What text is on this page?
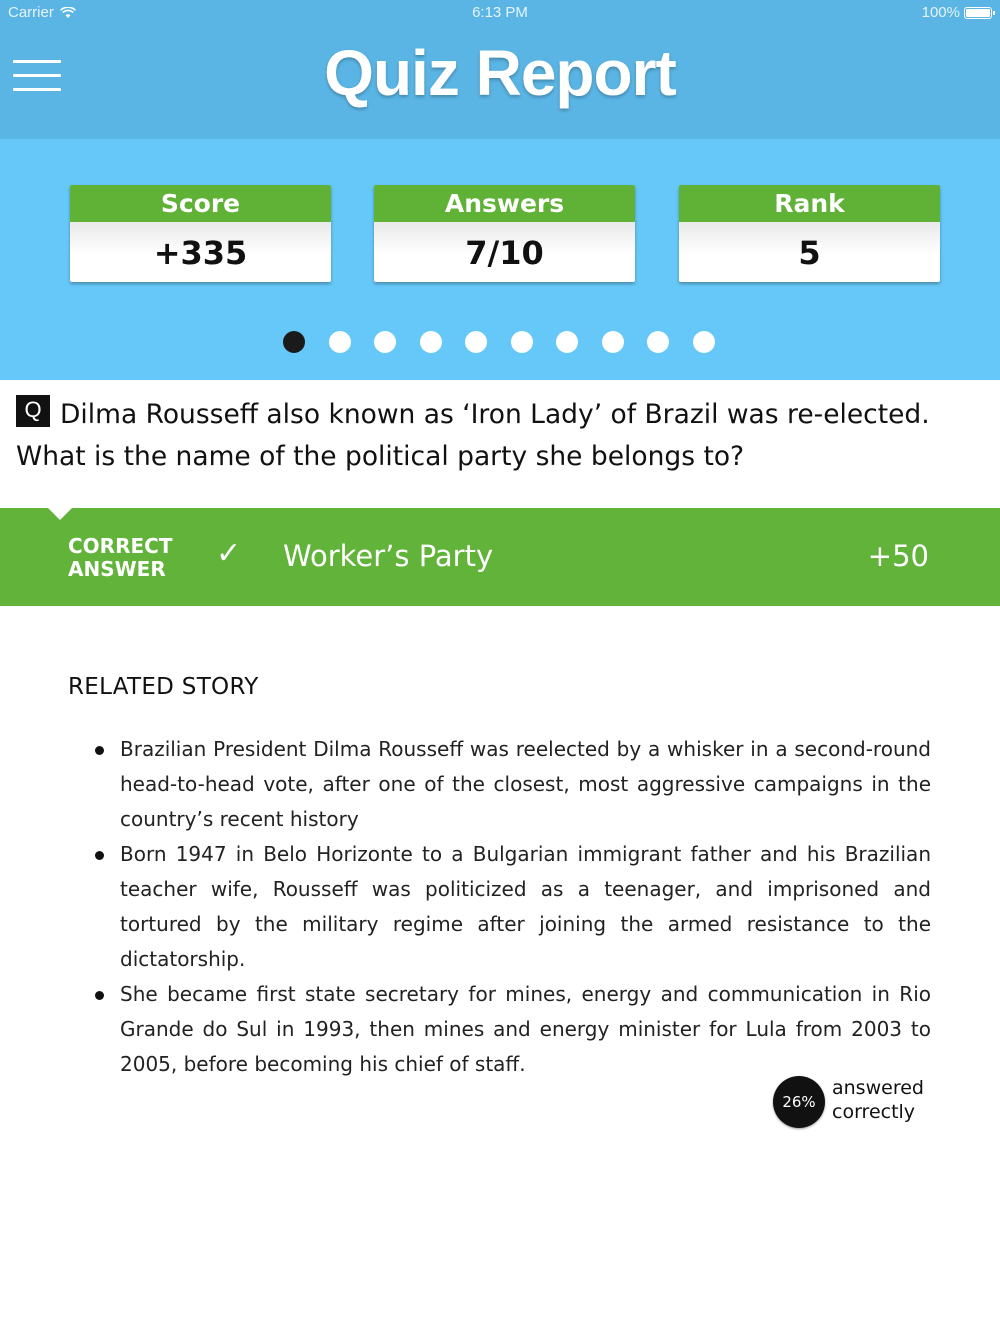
Carrier	6:13 PM	100%
Quiz Report
Score
+335
Answers
7/10
Rank
5
Q Dilma Rousseff also known as ‘Iron Lady’ of Brazil was re-elected. What is the name of the political party she belongs to?
CORRECT ANSWER	✓ Worker’s Party	+50
RELATED STORY
Brazilian President Dilma Rousseff was reelected by a whisker in a second-round head-to-head vote, after one of the closest, most aggressive campaigns in the country’s recent history
Born 1947 in Belo Horizonte to a Bulgarian immigrant father and his Brazilian teacher wife, Rousseff was politicized as a teenager, and imprisoned and tortured by the military regime after joining the armed resistance to the dictatorship.
She became first state secretary for mines, energy and communication in Rio Grande do Sul in 1993, then mines and energy minister for Lula from 2003 to 2005, before becoming his chief of staff.
26%
answered correctly
